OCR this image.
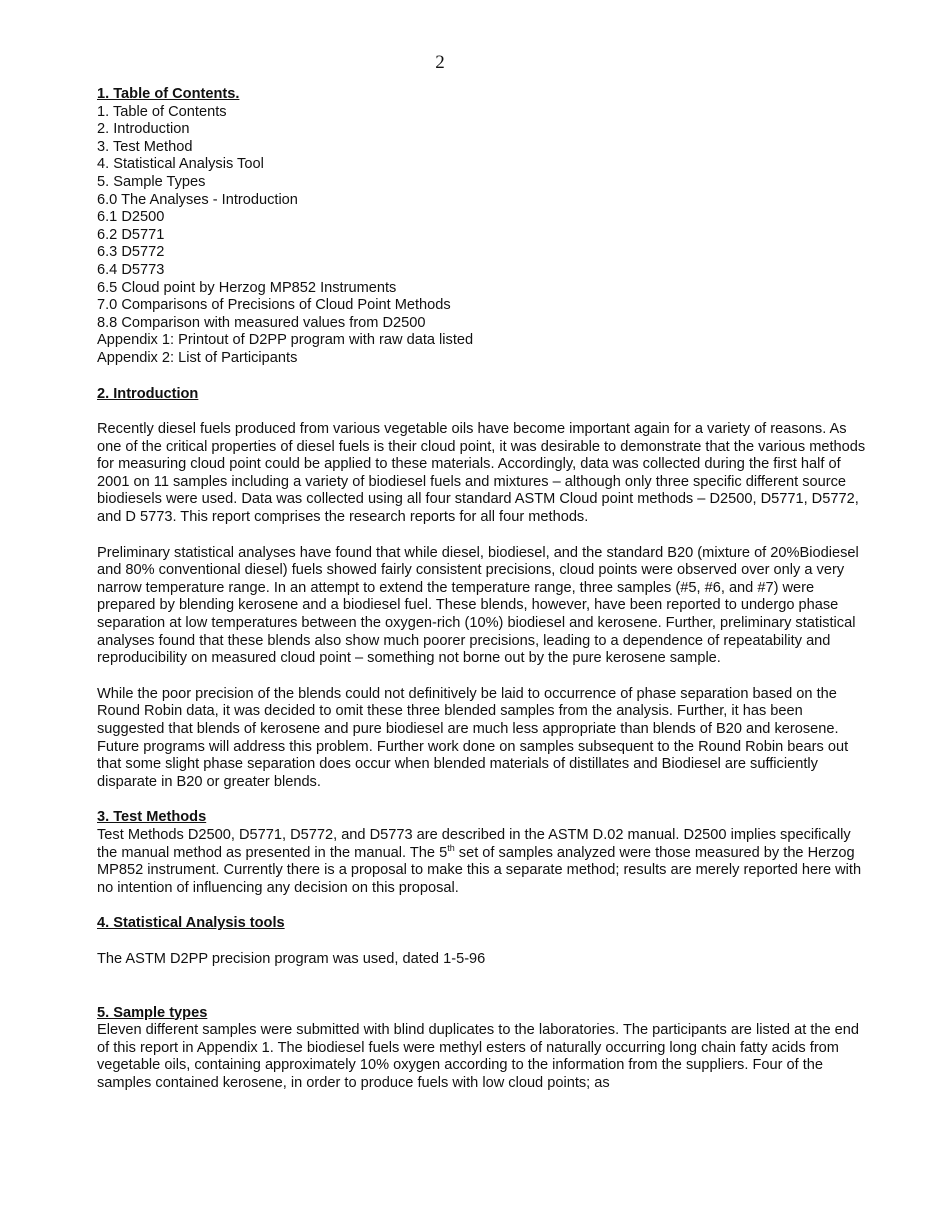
2

1. Table of Contents.

1. Table of Contents
2. Introduction
3. Test Method
4. Statistical Analysis Tool
5. Sample Types
6.0 The Analyses - Introduction
6.1 D2500
6.2 D5771
6.3 D5772
6.4 D5773
6.5 Cloud point by Herzog MP852 Instruments
7.0 Comparisons of Precisions of Cloud Point Methods
8.8 Comparison with measured values from D2500
Appendix 1: Printout of D2PP program with raw data listed
Appendix 2: List of Participants

2. Introduction

Recently diesel fuels produced from various vegetable oils have become important again for a variety of reasons. As one of the critical properties of diesel fuels is their cloud point, it was desirable to demonstrate that the various methods for measuring cloud point could be applied to these materials. Accordingly, data was collected during the first half of 2001 on 11 samples including a variety of biodiesel fuels and mixtures – although only three specific different source biodiesels were used. Data was collected using all four standard ASTM Cloud point methods – D2500, D5771, D5772, and D 5773. This report comprises the research reports for all four methods.

Preliminary statistical analyses have found that while diesel, biodiesel, and the standard B20 (mixture of 20%Biodiesel and 80% conventional diesel) fuels showed fairly consistent precisions, cloud points were observed over only a very narrow temperature range. In an attempt to extend the temperature range, three samples (#5, #6, and #7) were prepared by blending kerosene and a biodiesel fuel. These blends, however, have been reported to undergo phase separation at low temperatures between the oxygen-rich (10%) biodiesel and kerosene. Further, preliminary statistical analyses found that these blends also show much poorer precisions, leading to a dependence of repeatability and reproducibility on measured cloud point – something not borne out by the pure kerosene sample.

While the poor precision of the blends could not definitively be laid to occurrence of phase separation based on the Round Robin data, it was decided to omit these three blended samples from the analysis. Further, it has been suggested that blends of kerosene and pure biodiesel are much less appropriate than blends of B20 and kerosene. Future programs will address this problem. Further work done on samples subsequent to the Round Robin bears out that some slight phase separation does occur when blended materials of distillates and Biodiesel are sufficiently disparate in B20 or greater blends.

3. Test Methods

Test Methods D2500, D5771, D5772, and D5773 are described in the ASTM D.02 manual. D2500 implies specifically the manual method as presented in the manual. The 5th set of samples analyzed were those measured by the Herzog MP852 instrument. Currently there is a proposal to make this a separate method; results are merely reported here with no intention of influencing any decision on this proposal.

4. Statistical Analysis tools

The ASTM D2PP precision program was used, dated 1-5-96

5. Sample types

Eleven different samples were submitted with blind duplicates to the laboratories. The participants are listed at the end of this report in Appendix 1. The biodiesel fuels were methyl esters of naturally occurring long chain fatty acids from vegetable oils, containing approximately 10% oxygen according to the information from the suppliers. Four of the samples contained kerosene, in order to produce fuels with low cloud points; as
